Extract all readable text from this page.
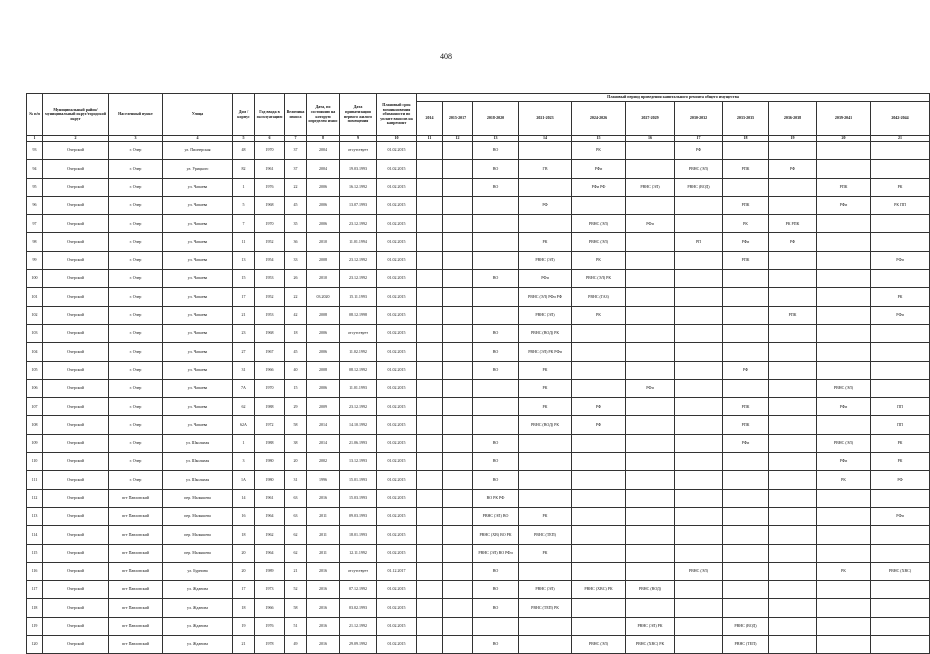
408
№ п/п	Муниципальный район/муниципальный округ/городской округ	Населенный пункт	Улица	Дом / корпус	Год ввода в эксплуатацию	Величина износа	Дата, по состоянию на которую определен износ	Дата приватизации первого жилого помещения	Плановый срок возникновения обязанности по уплате взносов на капремонт	Плановый период проведения капитального ремонта общего имущества										
										2014	2015-2017	2018-2020	2021-2023	2024-2026	2027-2029	2030-2032	2033-2035	2036-2038	2039-2041	2042-2044
1	2	3	4	5	6	7	8	9	10	11	12	13	14	15	16	17	18	19	20	21
93	Очерский	г. Очер	ул. Пионерская	48	1970	37	2004	отсутствует	01.02.2015			ВО		РК		РФ				
94	Очерский	г. Очер	ул. Урицкого	82	1961	37	2004	19.03.1993	01.02.2015			ВО	ГВ	РФи		РВНС (ЭЛ)	РПК	РФ		
95	Очерский	г. Очер	ул. Чапаева	1	1976	22	2006	16.12.1992	01.02.2015			ВО		РФи РФ	РВНС (ЭЛ)	РВНС (ВОД)			РПК	РК
96	Очерский	г. Очер	ул. Чапаева	5	1968	45	2006	13.07.1993	01.02.2015				РФ				РПК		РФи	РК ПП
97	Очерский	г. Очер	ул. Чапаева	7	1970	35	2006	23.12.1992	01.02.2015					РВНС (ЭЛ)	РФи		РК	РК РПК		
98	Очерский	г. Очер	ул. Чапаева	11	1952	36	2010	11.01.1994	01.02.2015				РК	РВНС (ЭЛ)		РП	РФи	РФ		
99	Очерский	г. Очер	ул. Чапаева	13	1954	33	2008	23.12.1992	01.02.2015				РВНС (ЭЛ)	РК			РПК			РФи
100	Очерский	г. Очер	ул. Чапаева	15	1953	26	2010	23.12.1992	01.02.2015			ВО	РФи	РВНС (ЭЛ) РК						
101	Очерский	г. Очер	ул. Чапаева	17	1952	22	03.2020	15.11.1993	01.02.2015				РВНС (ЭЛ) РФи РФ	РВНС (ГАЗ)						РК
102	Очерский	г. Очер	ул. Чапаева	21	1953	42	2008	08.12.1998	01.02.2015				РВНС (ЭЛ)	РК				РПК		РФи
103	Очерский	г. Очер	ул. Чапаева	23	1968	18	2006	отсутствует	01.02.2015			ВО	РВНС (ВОД) РК							
104	Очерский	г. Очер	ул. Чапаева	27	1967	45	2006	11.02.1992	01.02.2015			ВО	РВНС (ЭЛ) РК РФи							
105	Очерский	г. Очер	ул. Чапаева	31	1966	40	2008	08.12.1992	01.02.2015			ВО	РК				РФ			
106	Очерский	г. Очер	ул. Чапаева	7А	1970	15	2006	11.01.1993	01.02.2015				РК		РФи				РВНС (ЭЛ)	
107	Очерский	г. Очер	ул. Чапаева	62	1988	29	2009	23.12.1992	01.02.2015				РК	РФ			РПК		РФи	ПП
108	Очерский	г. Очер	ул. Чапаева	62А	1972	58	2014	14.10.1992	01.02.2015				РВНС (ВОД) РК	РФ			РПК			ПП
109	Очерский	г. Очер	ул. Школьная	1	1988	38	2014	21.06.1993	01.02.2015			ВО					РФи		РВНС (ЭЛ)	РК
110	Очерский	г. Очер	ул. Школьная	3	1980	20	2002	13.12.1993	01.02.2015			ВО							РФи	РК
111	Очерский	г. Очер	ул. Школьная	1А	1980	31	1996	15.01.1993	01.02.2015			ВО							РК	РФ
112	Очерский	пгт Павловский	пер. Малышева	14	1961	63	2016	15.03.1993	01.02.2015			ВО РК РФ								
113	Очерский	пгт Павловский	пер. Малышева	16	1964	63	2011	09.03.1993	01.02.2015			РВНС (ЭЛ) ВО	РК							РФи
114	Очерский	пгт Павловский	пер. Малышева	18	1962	62	2011	18.01.1993	01.02.2015			РВНС (ХВ) ВО РК	РВНС (ТЕП)							
115	Очерский	пгт Павловский	пер. Малышева	20	1964	62	2011	12.11.1992	01.02.2015			РВНС (ЭЛ) ВО РФи	РК							
116	Очерский	пгт Павловский	ул. Бурнина	20	1989	21	2016	отсутствует	01.12.2017			ВО				РВНС (ЭЛ)			РК	РВНС (ХВС)
117	Очерский	пгт Павловский	ул. Жданова	17	1973	52	2016	07.12.1992	01.02.2015			ВО	РВНС (ЭЛ)	РВНС (ХВС) РК	РВНС (ВОД)					
118	Очерский	пгт Павловский	ул. Жданова	18	1966	58	2016	03.02.1993	01.02.2015			ВО	РВНС (ТЕП) РК							
119	Очерский	пгт Павловский	ул. Жданова	19	1976	51	2016	21.12.1992	01.02.2015						РВНС (ЭЛ) РК		РВНС (ВОД)			
120	Очерский	пгт Павловский	ул. Жданова	21	1978	49	2016	29.09.1992	01.02.2015			ВО		РВНС (ЭЛ)	РВНС (ХВС) РК		РВНС (ТЕП)			
